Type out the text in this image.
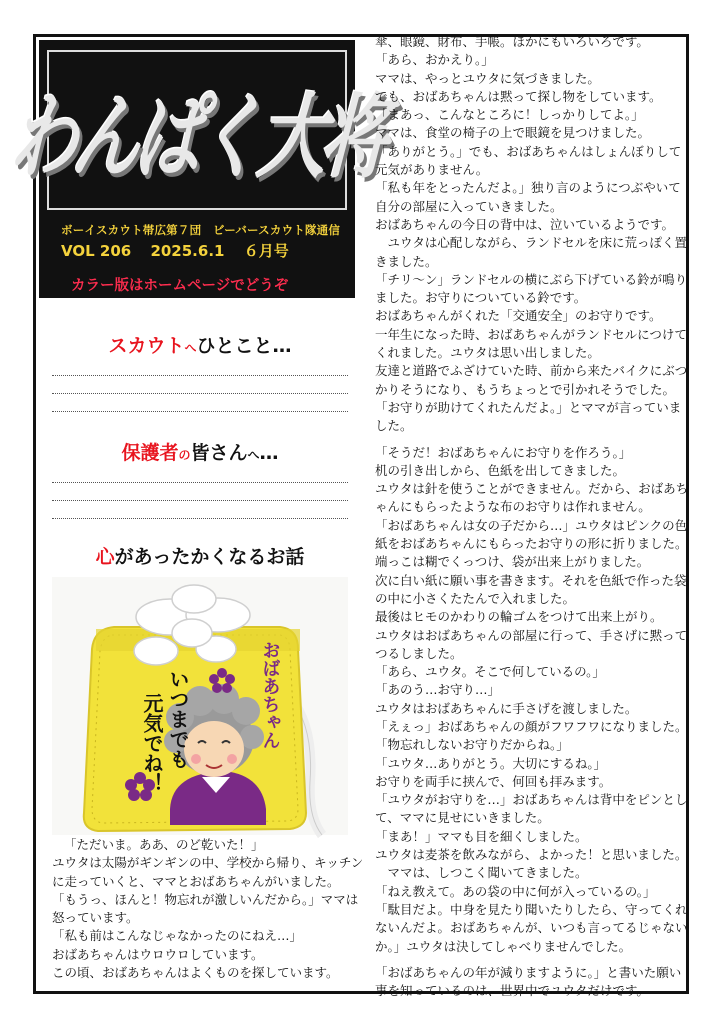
わんぱく大将
ボーイスカウト帯広第７団　ビーバースカウト隊通信
VOL 206 2025.6.1 ６月号
カラー版はホームページでどうぞ
スカウトへひとこと…
保護者の皆さんへ…
心があったかくなるお話
いつまでも
元気でね！	おばあちゃん
「ただいま。ああ、のど乾いた！」
ユウタは太陽がギンギンの中、学校から帰り、キッチン
に走っていくと、ママとおばあちゃんがいました。
「もうっ、ほんと！物忘れが激しいんだから。」ママは
怒っています。
「私も前はこんなじゃなかったのにねえ…」
おばあちゃんはウロウロしています。
この頃、おばあちゃんはよくものを探しています。
傘、眼鏡、財布、手帳。ほかにもいろいろです。
「あら、おかえり。」
ママは、やっとユウタに気づきました。
でも、おばあちゃんは黙って探し物をしています。
「まあっ、こんなところに！しっかりしてよ。」
ママは、食堂の椅子の上で眼鏡を見つけました。
「ありがとう。」でも、おばあちゃんはしょんぼりして
元気がありません。
「私も年をとったんだよ。」独り言のようにつぶやいて
自分の部屋に入っていきました。
おばあちゃんの今日の背中は、泣いているようです。
　ユウタは心配しながら、ランドセルを床に荒っぽく置
きました。
「チリ～ン」ランドセルの横にぶら下げている鈴が鳴り
ました。お守りについている鈴です。
おばあちゃんがくれた「交通安全」のお守りです。
一年生になった時、おばあちゃんがランドセルにつけて
くれました。ユウタは思い出しました。
友達と道路でふざけていた時、前から来たバイクにぶつ
かりそうになり、もうちょっとで引かれそうでした。
「お守りが助けてくれたんだよ。」とママが言っていま
した。
「そうだ！おばあちゃんにお守りを作ろう。」
机の引き出しから、色紙を出してきました。
ユウタは針を使うことができません。だから、おばあち
ゃんにもらったような布のお守りは作れません。
「おばあちゃんは女の子だから…」ユウタはピンクの色
紙をおばあちゃんにもらったお守りの形に折りました。
端っこは糊でくっつけ、袋が出来上がりました。
次に白い紙に願い事を書きます。それを色紙で作った袋
の中に小さくたたんで入れました。
最後はヒモのかわりの輪ゴムをつけて出来上がり。
ユウタはおばあちゃんの部屋に行って、手さげに黙って
つるしました。
「あら、ユウタ。そこで何しているの。」
「あのう…お守り…」
ユウタはおばあちゃんに手さげを渡しました。
「えぇっ」おばあちゃんの顔がフワフワになりました。
「物忘れしないお守りだからね。」
「ユウタ…ありがとう。大切にするね。」
お守りを両手に挟んで、何回も拝みます。
「ユウタがお守りを…」おばあちゃんは背中をピンとし
て、ママに見せにいきました。
「まあ！」ママも目を細くしました。
ユウタは麦茶を飲みながら、よかった！と思いました。
　ママは、しつこく聞いてきました。
「ねえ教えて。あの袋の中に何が入っているの。」
「駄目だよ。中身を見たり聞いたりしたら、守ってくれ
ないんだよ。おばあちゃんが、いつも言ってるじゃない
か。」ユウタは決してしゃべりませんでした。
「おばあちゃんの年が減りますように。」と書いた願い
事を知っているのは、世界中でユウタだけです。
